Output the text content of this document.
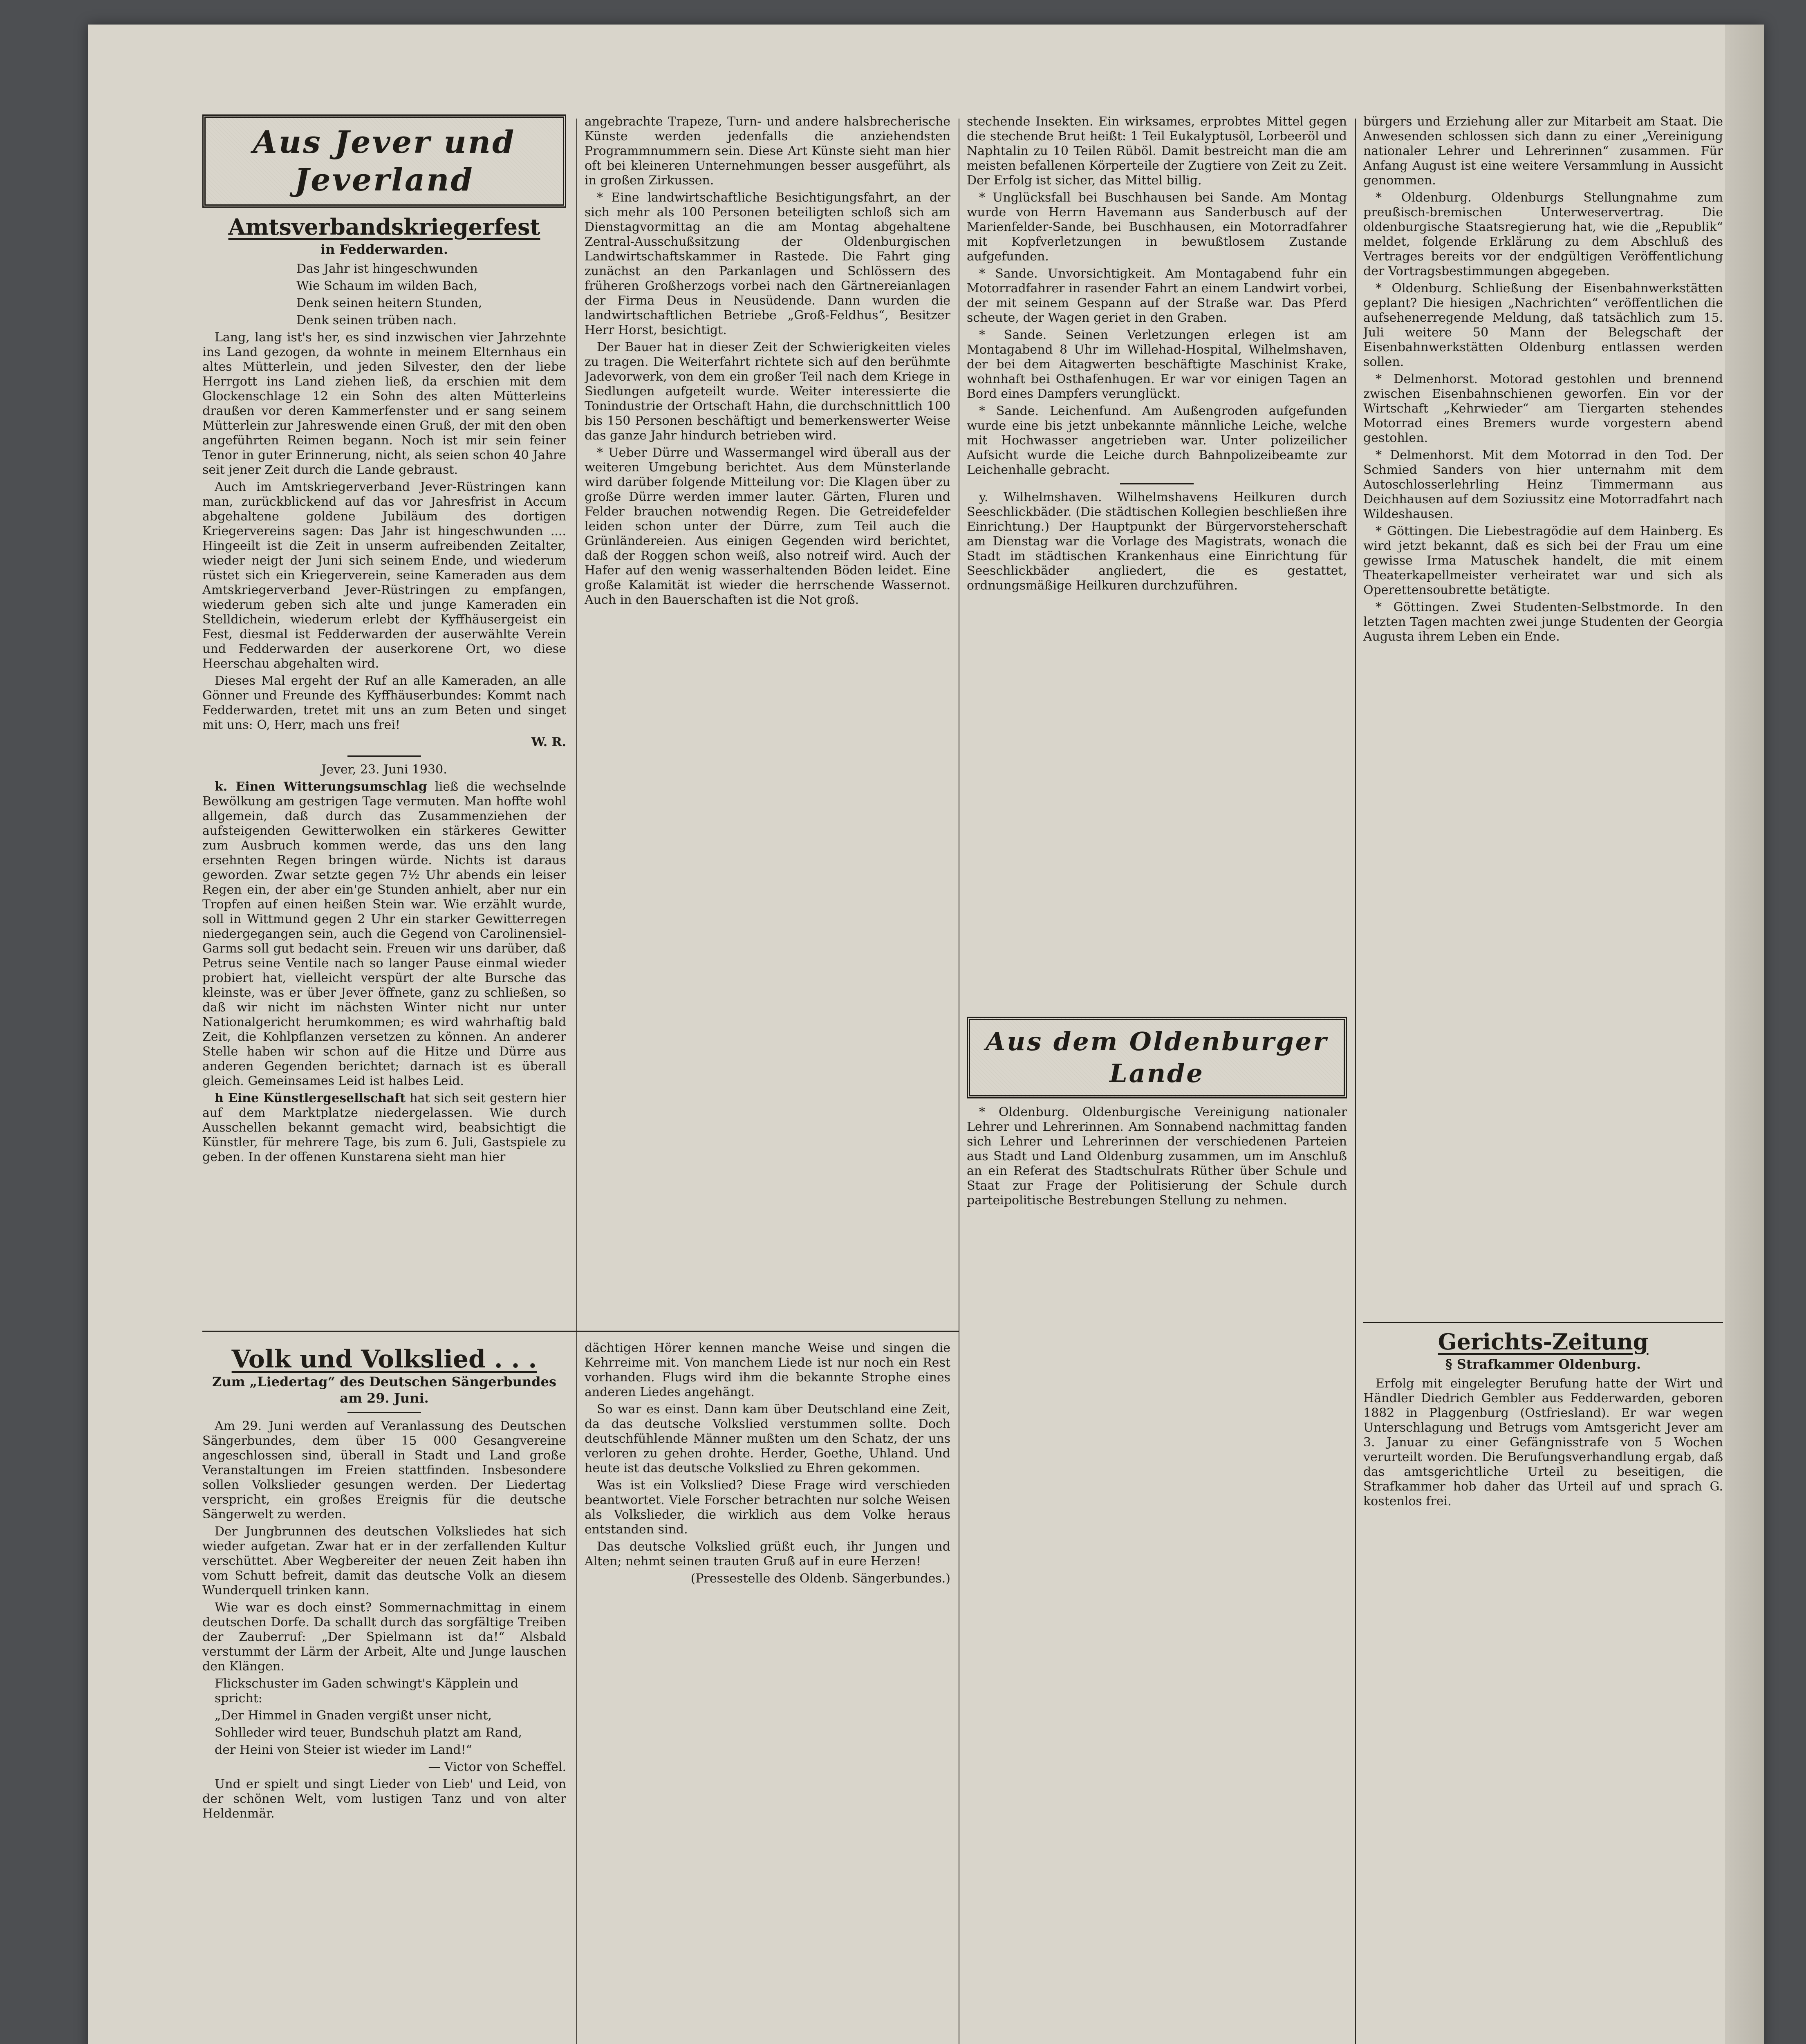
Aus Jever und Jeverland
Amtsverbandskriegerfest
in Fedderwarden.

Das Jahr ist hingeschwunden

Wie Schaum im wilden Bach,

Denk seinen heitern Stunden,

Denk seinen trüben nach.

Lang, lang ist's her, es sind inzwischen vier Jahrzehnte ins Land gezogen, da wohnte in meinem Elternhaus ein altes Mütterlein, und jeden Silvester, den der liebe Herrgott ins Land ziehen ließ, da erschien mit dem Glockenschlage 12 ein Sohn des alten Mütterleins draußen vor deren Kammerfenster und er sang seinem Mütterlein zur Jahreswende einen Gruß, der mit den oben angeführten Reimen begann. Noch ist mir sein feiner Tenor in guter Erinnerung, nicht, als seien schon 40 Jahre seit jener Zeit durch die Lande gebraust.

Auch im Amtskriegerverband Jever-Rüstringen kann man, zurückblickend auf das vor Jahresfrist in Accum abgehaltene goldene Jubiläum des dortigen Kriegervereins sagen: Das Jahr ist hingeschwunden .... Hingeeilt ist die Zeit in unserm aufreibenden Zeitalter, wieder neigt der Juni sich seinem Ende, und wiederum rüstet sich ein Kriegerverein, seine Kameraden aus dem Amtskriegerverband Jever-Rüstringen zu empfangen, wiederum geben sich alte und junge Kameraden ein Stelldichein, wiederum erlebt der Kyffhäusergeist ein Fest, diesmal ist Fedderwarden der auserwählte Verein und Fedderwarden der auserkorene Ort, wo diese Heerschau abgehalten wird.

Dieses Mal ergeht der Ruf an alle Kameraden, an alle Gönner und Freunde des Kyffhäuserbundes: Kommt nach Fedderwarden, tretet mit uns an zum Beten und singet mit uns: O, Herr, mach uns frei!

W. R.

Jever, 23. Juni 1930.

k. Einen Witterungsumschlag ließ die wechselnde Bewölkung am gestrigen Tage vermuten. Man hoffte wohl allgemein, daß durch das Zusammenziehen der aufsteigenden Gewitterwolken ein stärkeres Gewitter zum Ausbruch kommen werde, das uns den lang ersehnten Regen bringen würde. Nichts ist daraus geworden. Zwar setzte gegen 7½ Uhr abends ein leiser Regen ein, der aber ein'ge Stunden anhielt, aber nur ein Tropfen auf einen heißen Stein war. Wie erzählt wurde, soll in Wittmund gegen 2 Uhr ein starker Gewitterregen niedergegangen sein, auch die Gegend von Carolinensiel-Garms soll gut bedacht sein. Freuen wir uns darüber, daß Petrus seine Ventile nach so langer Pause einmal wieder probiert hat, vielleicht verspürt der alte Bursche das kleinste, was er über Jever öffnete, ganz zu schließen, so daß wir nicht im nächsten Winter nicht nur unter Nationalgericht herumkommen; es wird wahrhaftig bald Zeit, die Kohlpflanzen versetzen zu können. An anderer Stelle haben wir schon auf die Hitze und Dürre aus anderen Gegenden berichtet; darnach ist es überall gleich. Gemeinsames Leid ist halbes Leid.

h Eine Künstlergesellschaft hat sich seit gestern hier auf dem Marktplatze niedergelassen. Wie durch Ausschellen bekannt gemacht wird, beabsichtigt die Künstler, für mehrere Tage, bis zum 6. Juli, Gastspiele zu geben. In der offenen Kunstarena sieht man hier

angebrachte Trapeze, Turn- und andere halsbrecherische Künste werden jedenfalls die anziehendsten Programmnummern sein. Diese Art Künste sieht man hier oft bei kleineren Unternehmungen besser ausgeführt, als in großen Zirkussen.

* Eine landwirtschaftliche Besichtigungsfahrt, an der sich mehr als 100 Personen beteiligten schloß sich am Dienstagvormittag an die am Montag abgehaltene Zentral-Ausschußsitzung der Oldenburgischen Landwirtschaftskammer in Rastede. Die Fahrt ging zunächst an den Parkanlagen und Schlössern des früheren Großherzogs vorbei nach den Gärtnereianlagen der Firma Deus in Neusüdende. Dann wurden die landwirtschaftlichen Betriebe „Groß-Feldhus“, Besitzer Herr Horst, besichtigt.

Der Bauer hat in dieser Zeit der Schwierigkeiten vieles zu tragen. Die Weiterfahrt richtete sich auf den berühmte Jadevorwerk, von dem ein großer Teil nach dem Kriege in Siedlungen aufgeteilt wurde. Weiter interessierte die Tonindustrie der Ortschaft Hahn, die durchschnittlich 100 bis 150 Personen beschäftigt und bemerkenswerter Weise das ganze Jahr hindurch betrieben wird.

* Ueber Dürre und Wassermangel wird überall aus der weiteren Umgebung berichtet. Aus dem Münsterlande wird darüber folgende Mitteilung vor: Die Klagen über zu große Dürre werden immer lauter. Gärten, Fluren und Felder brauchen notwendig Regen. Die Getreidefelder leiden schon unter der Dürre, zum Teil auch die Grünländereien. Aus einigen Gegenden wird berichtet, daß der Roggen schon weiß, also notreif wird. Auch der Hafer auf den wenig wasserhaltenden Böden leidet. Eine große Kalamität ist wieder die herrschende Wassernot. Auch in den Bauerschaften ist die Not groß.

stechende Insekten. Ein wirksames, erprobtes Mittel gegen die stechende Brut heißt: 1 Teil Eukalyptusöl, Lorbeeröl und Naphtalin zu 10 Teilen Rüböl. Damit bestreicht man die am meisten befallenen Körperteile der Zugtiere von Zeit zu Zeit. Der Erfolg ist sicher, das Mittel billig.

* Unglücksfall bei Buschhausen bei Sande. Am Montag wurde von Herrn Havemann aus Sanderbusch auf der Marienfelder-Sande, bei Buschhausen, ein Motorradfahrer mit Kopfverletzungen in bewußtlosem Zustande aufgefunden.

* Sande. Unvorsichtigkeit. Am Montagabend fuhr ein Motorradfahrer in rasender Fahrt an einem Landwirt vorbei, der mit seinem Gespann auf der Straße war. Das Pferd scheute, der Wagen geriet in den Graben.

* Sande. Seinen Verletzungen erlegen ist am Montagabend 8 Uhr im Willehad-Hospital, Wilhelmshaven, der bei dem Aitagwerten beschäftigte Maschinist Krake, wohnhaft bei Osthafenhugen. Er war vor einigen Tagen an Bord eines Dampfers verunglückt.

* Sande. Leichenfund. Am Außengroden aufgefunden wurde eine bis jetzt unbekannte männliche Leiche, welche mit Hochwasser angetrieben war. Unter polizeilicher Aufsicht wurde die Leiche durch Bahnpolizeibeamte zur Leichenhalle gebracht.

y. Wilhelmshaven. Wilhelmshavens Heilkuren durch Seeschlickbäder. (Die städtischen Kollegien beschließen ihre Einrichtung.) Der Hauptpunkt der Bürgervorsteherschaft am Dienstag war die Vorlage des Magistrats, wonach die Stadt im städtischen Krankenhaus eine Einrichtung für Seeschlickbäder angliedert, die es gestattet, ordnungsmäßige Heilkuren durchzuführen.

Aus dem Oldenburger Lande

* Oldenburg. Oldenburgische Vereinigung nationaler Lehrer und Lehrerinnen. Am Sonnabend nachmittag fanden sich Lehrer und Lehrerinnen der verschiedenen Parteien aus Stadt und Land Oldenburg zusammen, um im Anschluß an ein Referat des Stadtschulrats Rüther über Schule und Staat zur Frage der Politisierung der Schule durch parteipolitische Bestrebungen Stellung zu nehmen.

bürgers und Erziehung aller zur Mitarbeit am Staat. Die Anwesenden schlossen sich dann zu einer „Vereinigung nationaler Lehrer und Lehrerinnen“ zusammen. Für Anfang August ist eine weitere Versammlung in Aussicht genommen.

* Oldenburg. Oldenburgs Stellungnahme zum preußisch-bremischen Unterweservertrag. Die oldenburgische Staatsregierung hat, wie die „Republik“ meldet, folgende Erklärung zu dem Abschluß des Vertrages bereits vor der endgültigen Veröffentlichung der Vortragsbestimmungen abgegeben.

* Oldenburg. Schließung der Eisenbahnwerkstätten geplant? Die hiesigen „Nachrichten“ veröffentlichen die aufsehenerregende Meldung, daß tatsächlich zum 15. Juli weitere 50 Mann der Belegschaft der Eisenbahnwerkstätten Oldenburg entlassen werden sollen.

* Delmenhorst. Motorad gestohlen und brennend zwischen Eisenbahnschienen geworfen. Ein vor der Wirtschaft „Kehrwieder“ am Tiergarten stehendes Motorrad eines Bremers wurde vorgestern abend gestohlen.

* Delmenhorst. Mit dem Motorrad in den Tod. Der Schmied Sanders von hier unternahm mit dem Autoschlosserlehrling Heinz Timmermann aus Deichhausen auf dem Soziussitz eine Motorradfahrt nach Wildeshausen.

* Göttingen. Die Liebestragödie auf dem Hainberg. Es wird jetzt bekannt, daß es sich bei der Frau um eine gewisse Irma Matuschek handelt, die mit einem Theaterkapellmeister verheiratet war und sich als Operettensoubrette betätigte.

* Göttingen. Zwei Studenten-Selbstmorde. In den letzten Tagen machten zwei junge Studenten der Georgia Augusta ihrem Leben ein Ende.

Gerichts-Zeitung
§ Strafkammer Oldenburg.

Erfolg mit eingelegter Berufung hatte der Wirt und Händler Diedrich Gembler aus Fedderwarden, geboren 1882 in Plaggenburg (Ostfriesland). Er war wegen Unterschlagung und Betrugs vom Amtsgericht Jever am 3. Januar zu einer Gefängnisstrafe von 5 Wochen verurteilt worden. Die Berufungsverhandlung ergab, daß das amtsgerichtliche Urteil zu beseitigen, die Strafkammer hob daher das Urteil auf und sprach G. kostenlos frei.

Volk und Volkslied . . .
Zum „Liedertag“ des Deutschen Sängerbundes am 29. Juni.

Am 29. Juni werden auf Veranlassung des Deutschen Sängerbundes, dem über 15 000 Gesangvereine angeschlossen sind, überall in Stadt und Land große Veranstaltungen im Freien stattfinden. Insbesondere sollen Volkslieder gesungen werden. Der Liedertag verspricht, ein großes Ereignis für die deutsche Sängerwelt zu werden.

Der Jungbrunnen des deutschen Volksliedes hat sich wieder aufgetan. Zwar hat er in der zerfallenden Kultur verschüttet. Aber Wegbereiter der neuen Zeit haben ihn vom Schutt befreit, damit das deutsche Volk an diesem Wunderquell trinken kann.

Wie war es doch einst? Sommernachmittag in einem deutschen Dorfe. Da schallt durch das sorgfältige Treiben der Zauberruf: „Der Spielmann ist da!“ Alsbald verstummt der Lärm der Arbeit, Alte und Junge lauschen den Klängen.

Flickschuster im Gaden schwingt's Käpplein und spricht:

„Der Himmel in Gnaden vergißt unser nicht,

Sohlleder wird teuer, Bundschuh platzt am Rand,

der Heini von Steier ist wieder im Land!“

— Victor von Scheffel.

Und er spielt und singt Lieder von Lieb' und Leid, von der schönen Welt, vom lustigen Tanz und von alter Heldenmär.

dächtigen Hörer kennen manche Weise und singen die Kehrreime mit. Von manchem Liede ist nur noch ein Rest vorhanden. Flugs wird ihm die bekannte Strophe eines anderen Liedes angehängt.

So war es einst. Dann kam über Deutschland eine Zeit, da das deutsche Volkslied verstummen sollte. Doch deutschfühlende Männer mußten um den Schatz, der uns verloren zu gehen drohte. Herder, Goethe, Uhland. Und heute ist das deutsche Volkslied zu Ehren gekommen.

Was ist ein Volkslied? Diese Frage wird verschieden beantwortet. Viele Forscher betrachten nur solche Weisen als Volkslieder, die wirklich aus dem Volke heraus entstanden sind.

Das deutsche Volkslied grüßt euch, ihr Jungen und Alten; nehmt seinen trauten Gruß auf in eure Herzen!

(Pressestelle des Oldenb. Sängerbundes.)
